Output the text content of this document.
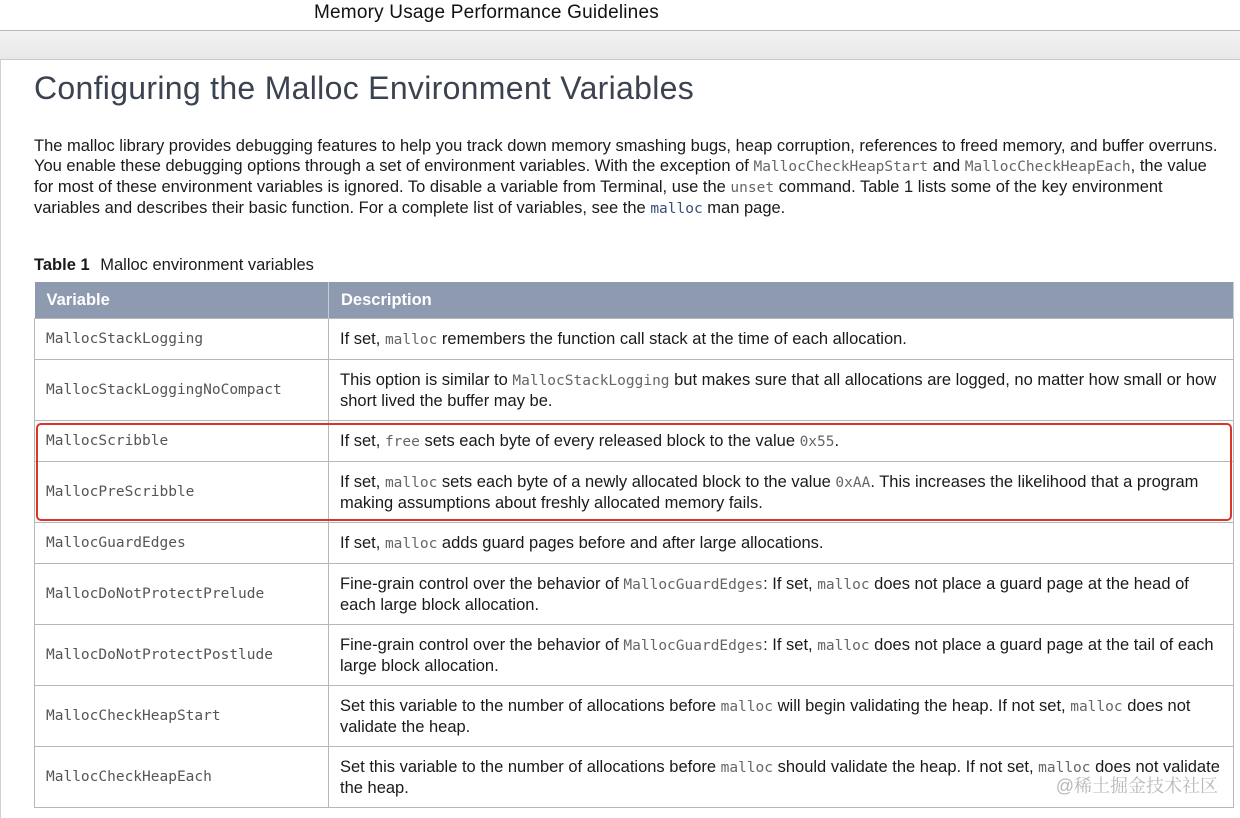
Memory Usage Performance Guidelines
Configuring the Malloc Environment Variables

The malloc library provides debugging features to help you track down memory smashing bugs, heap corruption, references to freed memory, and buffer overruns. You enable these debugging options through a set of environment variables. With the exception of MallocCheckHeapStart and MallocCheckHeapEach, the value for most of these environment variables is ignored. To disable a variable from Terminal, use the unset command. Table 1 lists some of the key environment variables and describes their basic function. For a complete list of variables, see the malloc man page.

Table 1 Malloc environment variables
Variable	Description
MallocStackLogging	If set, malloc remembers the function call stack at the time of each allocation.
MallocStackLoggingNoCompact	This option is similar to MallocStackLogging but makes sure that all allocations are logged, no matter how small or how short lived the buffer may be.
MallocScribble	If set, free sets each byte of every released block to the value 0x55.
MallocPreScribble	If set, malloc sets each byte of a newly allocated block to the value 0xAA. This increases the likelihood that a program making assumptions about freshly allocated memory fails.
MallocGuardEdges	If set, malloc adds guard pages before and after large allocations.
MallocDoNotProtectPrelude	Fine-grain control over the behavior of MallocGuardEdges: If set, malloc does not place a guard page at the head of each large block allocation.
MallocDoNotProtectPostlude	Fine-grain control over the behavior of MallocGuardEdges: If set, malloc does not place a guard page at the tail of each large block allocation.
MallocCheckHeapStart	Set this variable to the number of allocations before malloc will begin validating the heap. If not set, malloc does not validate the heap.
MallocCheckHeapEach	Set this variable to the number of allocations before malloc should validate the heap. If not set, malloc does not validate the heap.	@稀土掘金技术社区
